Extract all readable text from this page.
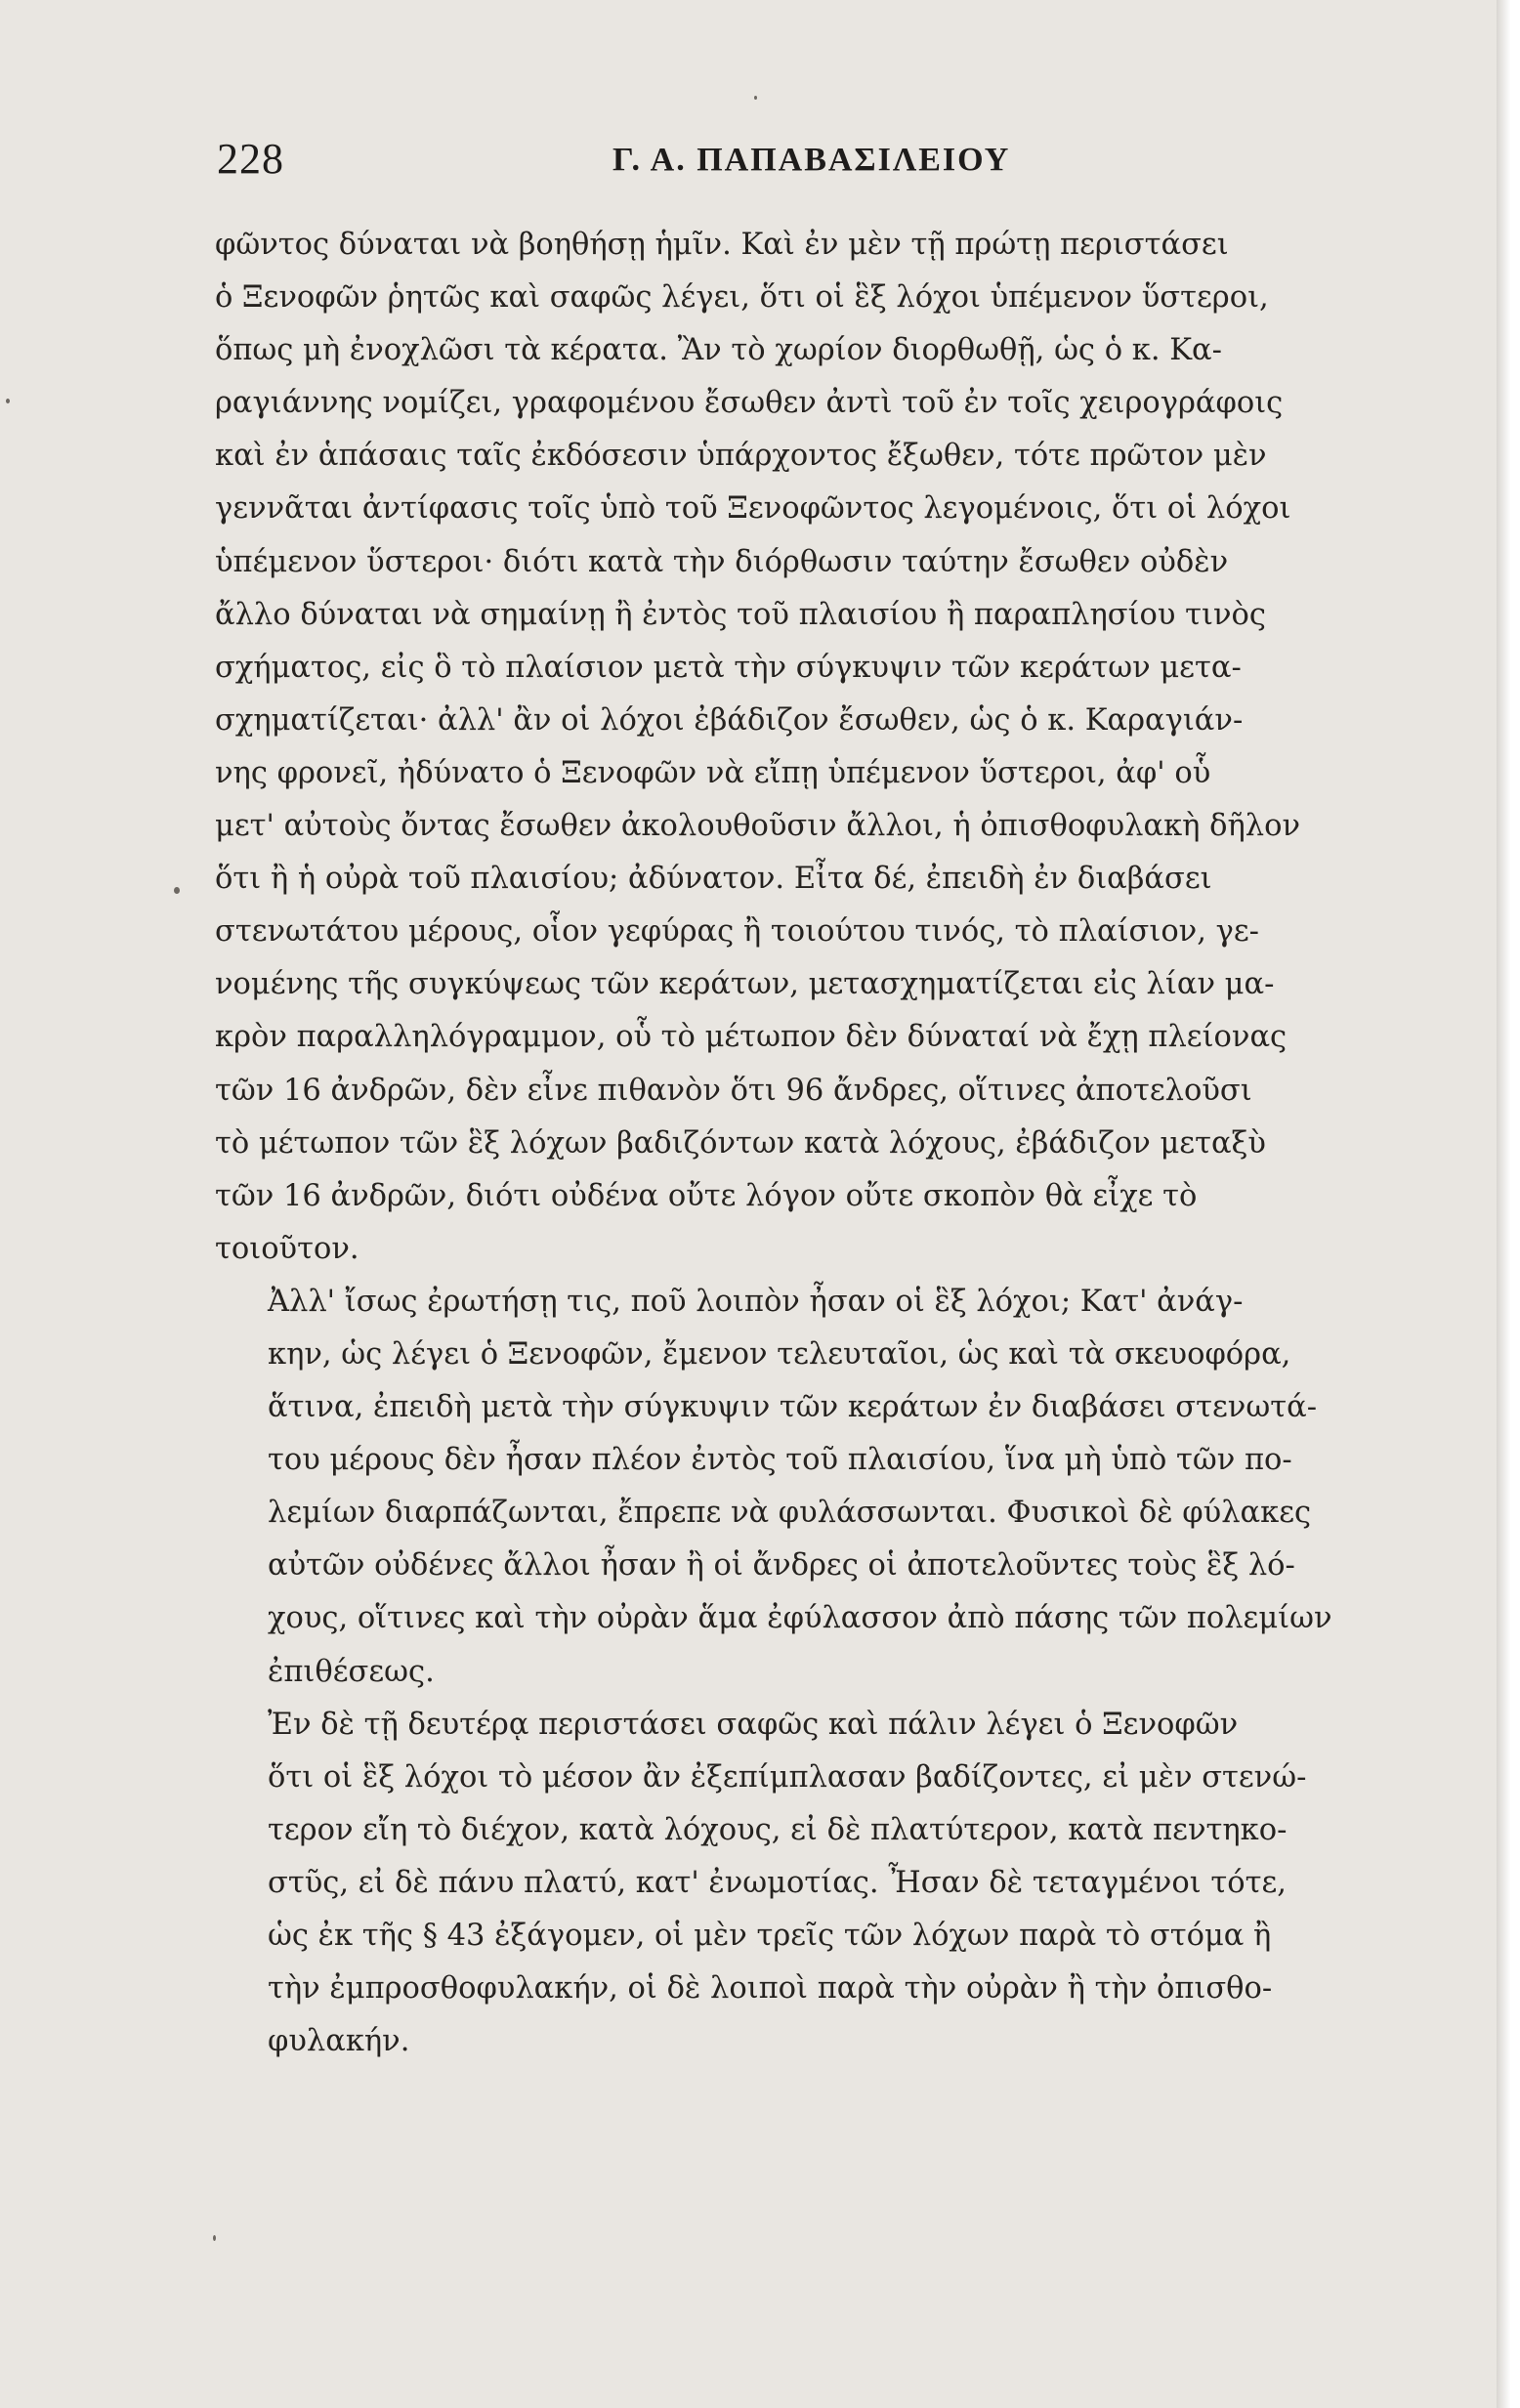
228	Γ. Α. ΠΑΠΑΒΑΣΙΛΕΙΟΥ

φῶντος δύναται νὰ βοηθήσῃ ἡμῖν. Καὶ ἐν μὲν τῇ πρώτῃ περιστάσει
ὁ Ξενοφῶν ῥητῶς καὶ σαφῶς λέγει, ὅτι οἱ ἓξ λόχοι ὑπέμενον ὕστεροι,
ὅπως μὴ ἐνοχλῶσι τὰ κέρατα. Ἂν τὸ χωρίον διορθωθῇ, ὡς ὁ κ. Κα-
ραγιάννης νομίζει, γραφομένου ἔσωθεν ἀντὶ τοῦ ἐν τοῖς χειρογράφοις
καὶ ἐν ἁπάσαις ταῖς ἐκδόσεσιν ὑπάρχοντος ἔξωθεν, τότε πρῶτον μὲν
γεννᾶται ἀντίφασις τοῖς ὑπὸ τοῦ Ξενοφῶντος λεγομένοις, ὅτι οἱ λόχοι
ὑπέμενον ὕστεροι· διότι κατὰ τὴν διόρθωσιν ταύτην ἔσωθεν οὐδὲν
ἄλλο δύναται νὰ σημαίνῃ ἢ ἐντὸς τοῦ πλαισίου ἢ παραπλησίου τινὸς
σχήματος, εἰς ὃ τὸ πλαίσιον μετὰ τὴν σύγκυψιν τῶν κεράτων μετα-
σχηματίζεται· ἀλλ' ἂν οἱ λόχοι ἐβάδιζον ἔσωθεν, ὡς ὁ κ. Καραγιάν-
νης φρονεῖ, ἠδύνατο ὁ Ξενοφῶν νὰ εἴπῃ ὑπέμενον ὕστεροι, ἀφ' οὗ
μετ' αὐτοὺς ὄντας ἔσωθεν ἀκολουθοῦσιν ἄλλοι, ἡ ὀπισθοφυλακὴ δῆλον
ὅτι ἢ ἡ οὐρὰ τοῦ πλαισίου; ἀδύνατον. Εἶτα δέ, ἐπειδὴ ἐν διαβάσει
στενωτάτου μέρους, οἷον γεφύρας ἢ τοιούτου τινός, τὸ πλαίσιον, γε-
νομένης τῆς συγκύψεως τῶν κεράτων, μετασχηματίζεται εἰς λίαν μα-
κρὸν παραλληλόγραμμον, οὗ τὸ μέτωπον δὲν δύναταί νὰ ἔχῃ πλείονας
τῶν 16 ἀνδρῶν, δὲν εἶνε πιθανὸν ὅτι 96 ἄνδρες, οἵτινες ἀποτελοῦσι
τὸ μέτωπον τῶν ἓξ λόχων βαδιζόντων κατὰ λόχους, ἐβάδιζον μεταξὺ
τῶν 16 ἀνδρῶν, διότι οὐδένα οὔτε λόγον οὔτε σκοπὸν θὰ εἶχε τὸ
τοιοῦτον.

Ἀλλ' ἴσως ἐρωτήσῃ τις, ποῦ λοιπὸν ἦσαν οἱ ἓξ λόχοι; Κατ' ἀνάγ-
κην, ὡς λέγει ὁ Ξενοφῶν, ἔμενον τελευταῖοι, ὡς καὶ τὰ σκευοφόρα,
ἅτινα, ἐπειδὴ μετὰ τὴν σύγκυψιν τῶν κεράτων ἐν διαβάσει στενωτά-
του μέρους δὲν ἦσαν πλέον ἐντὸς τοῦ πλαισίου, ἵνα μὴ ὑπὸ τῶν πο-
λεμίων διαρπάζωνται, ἔπρεπε νὰ φυλάσσωνται. Φυσικοὶ δὲ φύλακες
αὐτῶν οὐδένες ἄλλοι ἦσαν ἢ οἱ ἄνδρες οἱ ἀποτελοῦντες τοὺς ἓξ λό-
χους, οἵτινες καὶ τὴν οὐρὰν ἅμα ἐφύλασσον ἀπὸ πάσης τῶν πολεμίων
ἐπιθέσεως.

Ἐν δὲ τῇ δευτέρᾳ περιστάσει σαφῶς καὶ πάλιν λέγει ὁ Ξενοφῶν
ὅτι οἱ ἓξ λόχοι τὸ μέσον ἂν ἐξεπίμπλασαν βαδίζοντες, εἰ μὲν στενώ-
τερον εἴη τὸ διέχον, κατὰ λόχους, εἰ δὲ πλατύτερον, κατὰ πεντηκο-
στῦς, εἰ δὲ πάνυ πλατύ, κατ' ἐνωμοτίας. Ἦσαν δὲ τεταγμένοι τότε,
ὡς ἐκ τῆς § 43 ἐξάγομεν, οἱ μὲν τρεῖς τῶν λόχων παρὰ τὸ στόμα ἢ
τὴν ἐμπροσθοφυλακήν, οἱ δὲ λοιποὶ παρὰ τὴν οὐρὰν ἢ τὴν ὀπισθο-
φυλακήν.
